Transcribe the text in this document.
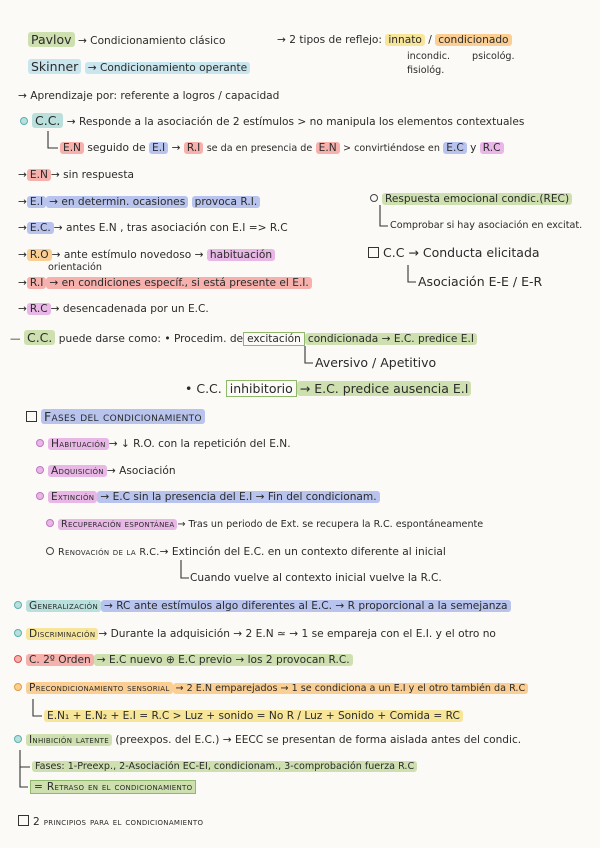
Pavlov → Condicionamiento clásico	→ 2 tipos de reflejo: innato / condicionado
incondic. psicológ.
fisiológ.
Skinner → Condicionamiento operante
→ Aprendizaje por: referente a logros / capacidad
C.C. → Responde a la asociación de 2 estímulos > no manipula los elementos contextuales
E.N seguido de E.I → R.I se da en presencia de E.N > convirtiéndose en E.C y R.C
→ E.N → sin respuesta
→ E.I → en determin. ocasiones provoca R.I.	Respuesta emocional condic.(REC)
Comprobar si hay asociación en excitat.
→ E.C. → antes E.N , tras asociación con E.I => R.C
→ R.O → ante estímulo novedoso → habituación
orientación
C.C → Conducta elicitada
Asociación E-E / E-R
→ R.I → en condiciones específ., si está presente el E.I.
→ R.C → desencadenada por un E.C.
— C.C. puede darse como: • Procedim. de excitación condicionada → E.C. predice E.I
Aversivo / Apetitivo
• C.C. inhibitorio → E.C. predice ausencia E.I
Fases del condicionamiento
Habituación → ↓ R.O. con la repetición del E.N.
Adquisición → Asociación
Extinción → E.C sin la presencia del E.I → Fin del condicionam.
Recuperación espontánea → Tras un periodo de Ext. se recupera la R.C. espontáneamente
Renovación de la R.C.→ Extinción del E.C. en un contexto diferente al inicial
Cuando vuelve al contexto inicial vuelve la R.C.
Generalización → RC ante estímulos algo diferentes al E.C. → R proporcional a la semejanza
Discriminación → Durante la adquisición → 2 E.N ≃ → 1 se empareja con el E.I. y el otro no
C. 2º Orden → E.C nuevo ⊕ E.C previo → los 2 provocan R.C.
Precondicionamiento sensorial → 2 E.N emparejados → 1 se condiciona a un E.I y el otro también da R.C
E.N₁ + E.N₂ + E.I = R.C > Luz + sonido = No R / Luz + Sonido + Comida = RC
Inhibición latente (preexpos. del E.C.) → EECC se presentan de forma aislada antes del condic.
Fases: 1-Preexp., 2-Asociación EC-EI, condicionam., 3-comprobación fuerza R.C
= Retraso en el condicionamiento
2 principios para el condicionamiento
